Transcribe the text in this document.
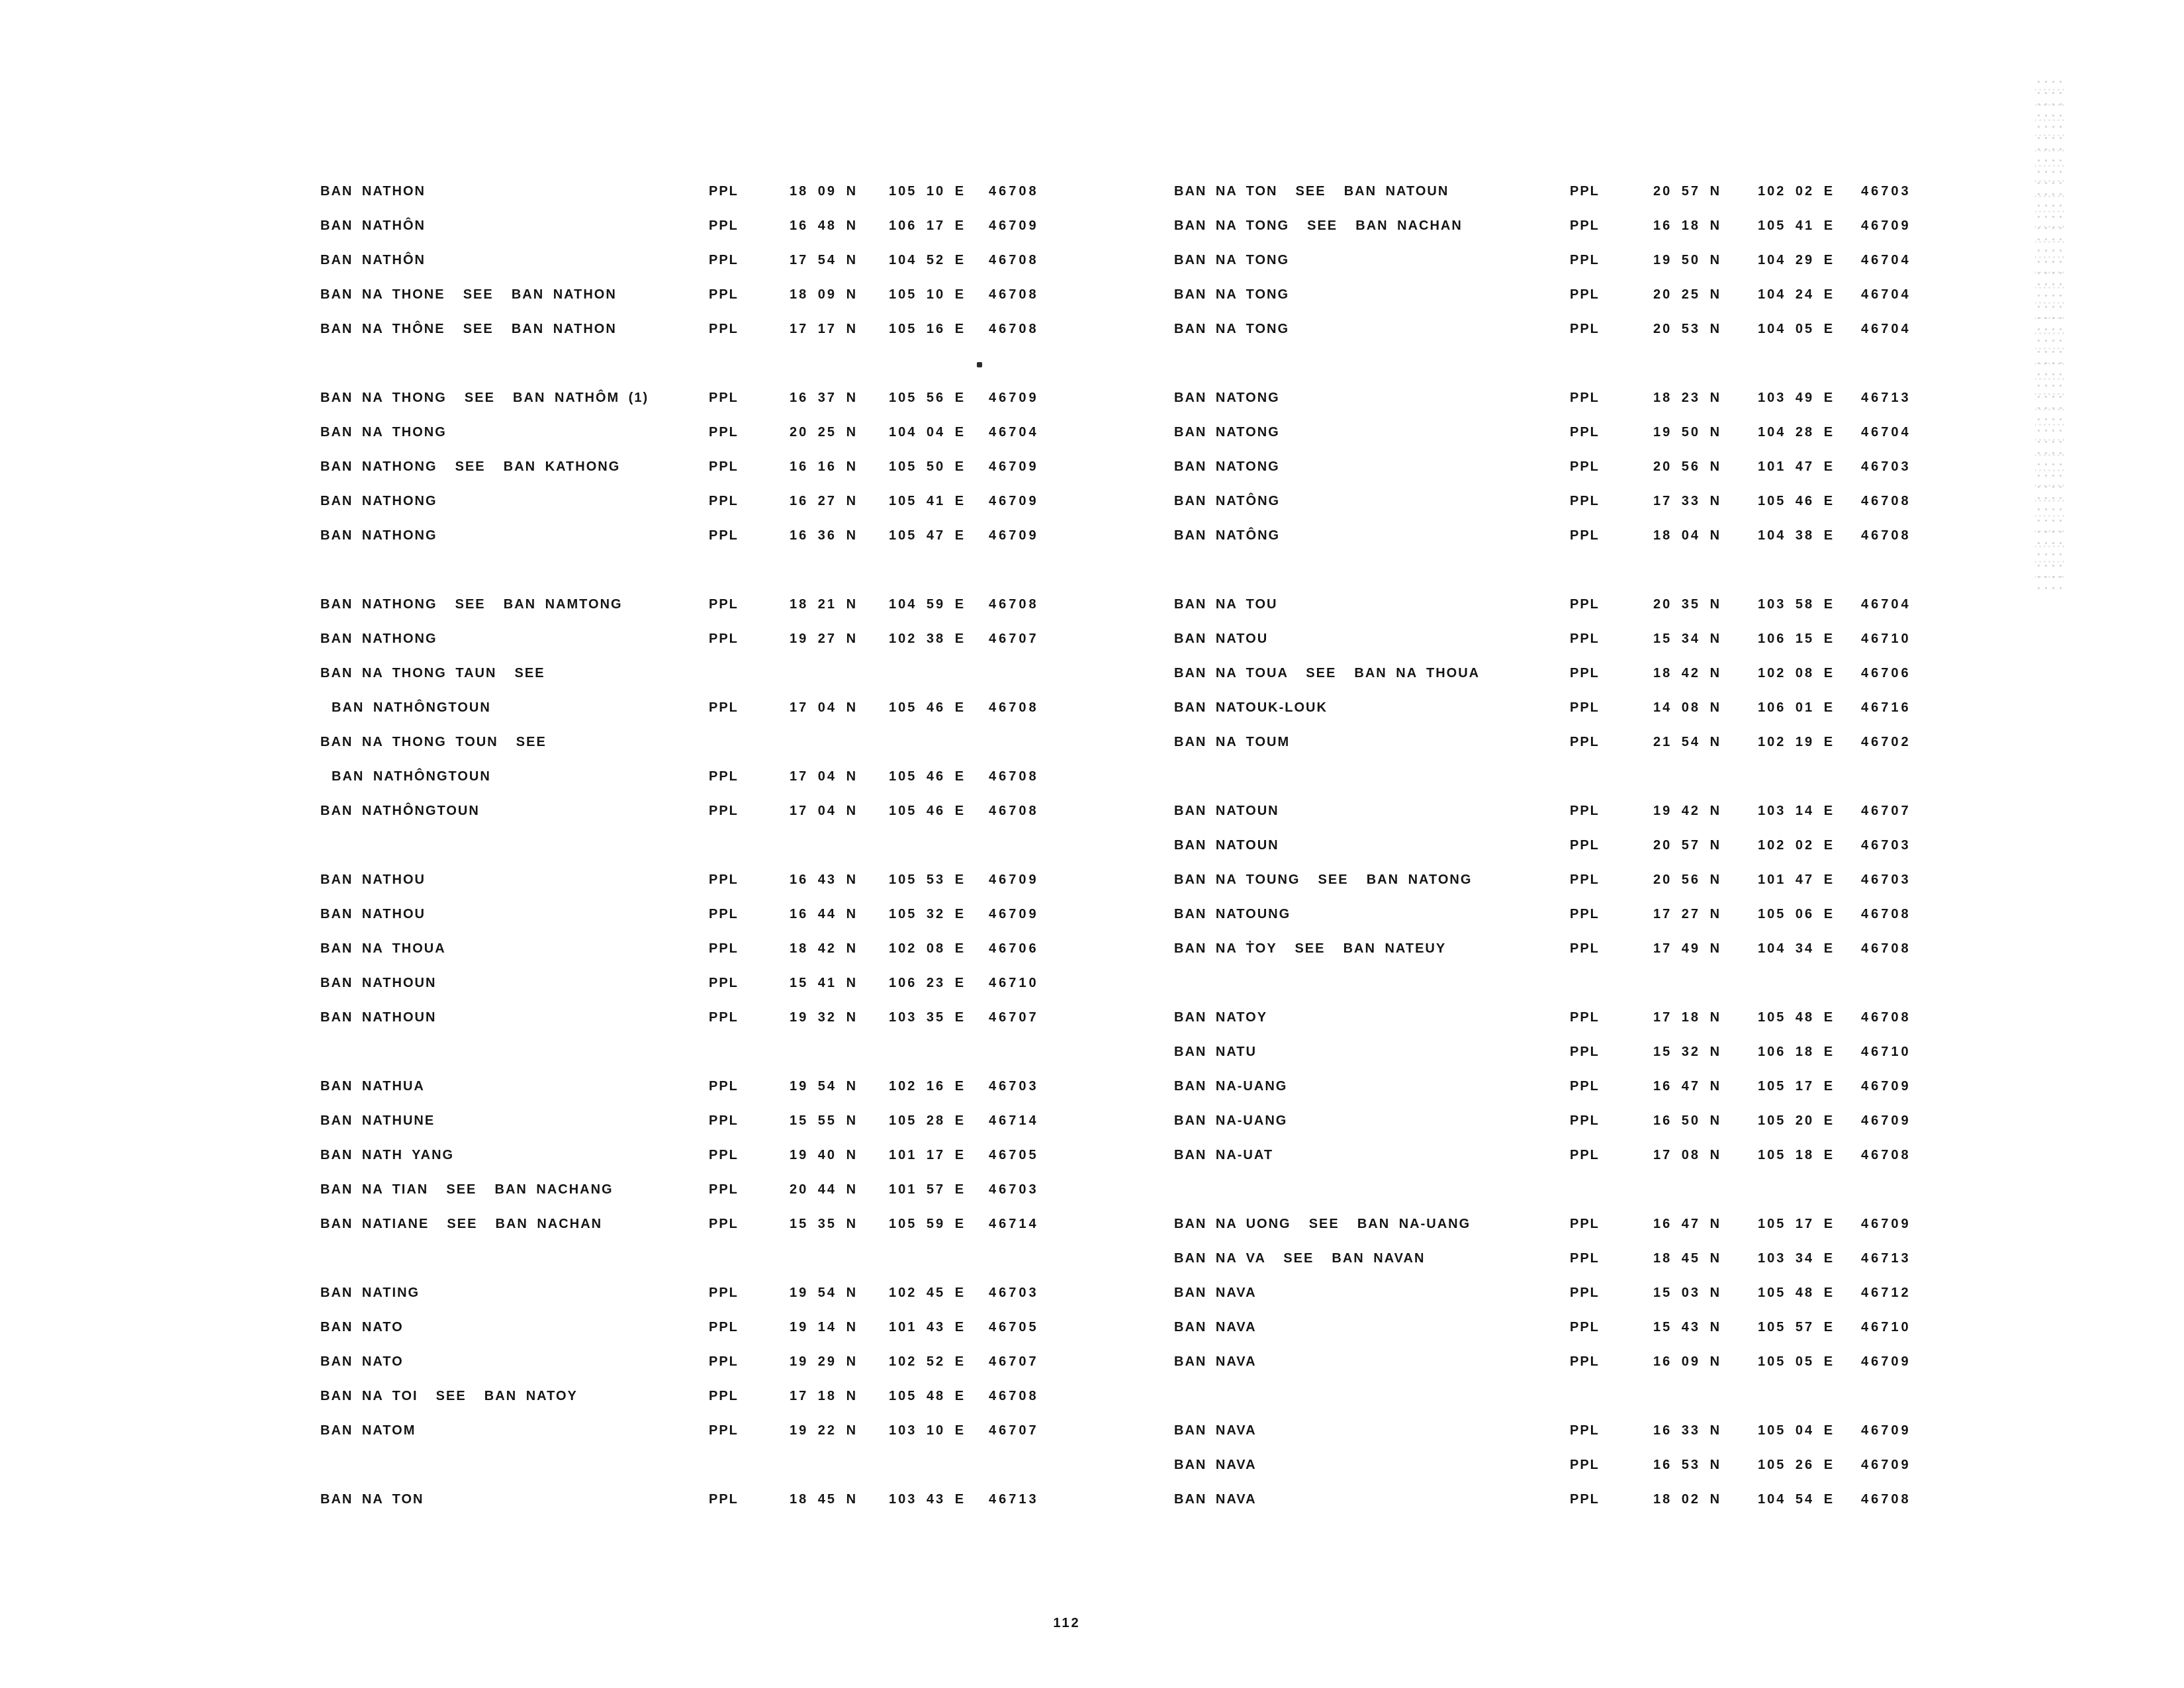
BAN NATHON	PPL	18 09 N 105 10 E 46708
BAN NATHÔN	PPL	16 48 N 106 17 E 46709
BAN NATHÔN	PPL	17 54 N 104 52 E 46708
BAN NA THONE  SEE  BAN NATHON	PPL	18 09 N 105 10 E 46708
BAN NA THÔNE  SEE  BAN NATHON	PPL	17 17 N 105 16 E 46708
BAN NA THONG  SEE  BAN NATHÔM (1)	PPL	16 37 N 105 56 E 46709
BAN NA THONG	PPL	20 25 N 104 04 E 46704
BAN NATHONG  SEE  BAN KATHONG	PPL	16 16 N 105 50 E 46709
BAN NATHONG	PPL	16 27 N 105 41 E 46709
BAN NATHONG	PPL	16 36 N 105 47 E 46709
BAN NATHONG  SEE  BAN NAMTONG	PPL	18 21 N 104 59 E 46708
BAN NATHONG	PPL	19 27 N 102 38 E 46707
BAN NA THONG TAUN  SEE
BAN NATHÔNGTOUN	PPL	17 04 N 105 46 E 46708
BAN NA THONG TOUN  SEE
BAN NATHÔNGTOUN	PPL	17 04 N 105 46 E 46708
BAN NATHÔNGTOUN	PPL	17 04 N 105 46 E 46708
BAN NATHOU	PPL	16 43 N 105 53 E 46709
BAN NATHOU	PPL	16 44 N 105 32 E 46709
BAN NA THOUA	PPL	18 42 N 102 08 E 46706
BAN NATHOUN	PPL	15 41 N 106 23 E 46710
BAN NATHOUN	PPL	19 32 N 103 35 E 46707
BAN NATHUA	PPL	19 54 N 102 16 E 46703
BAN NATHUNE	PPL	15 55 N 105 28 E 46714
BAN NATH YANG	PPL	19 40 N 101 17 E 46705
BAN NA TIAN  SEE  BAN NACHANG	PPL	20 44 N 101 57 E 46703
BAN NATIANE  SEE  BAN NACHAN	PPL	15 35 N 105 59 E 46714
BAN NATING	PPL	19 54 N 102 45 E 46703
BAN NATO	PPL	19 14 N 101 43 E 46705
BAN NATO	PPL	19 29 N 102 52 E 46707
BAN NA TOI  SEE  BAN NATOY	PPL	17 18 N 105 48 E 46708
BAN NATOM	PPL	19 22 N 103 10 E 46707
BAN NA TON	PPL	18 45 N 103 43 E 46713
BAN NA TON  SEE  BAN NATOUN	PPL	20 57 N	102 02 E 46703
BAN NA TONG  SEE  BAN NACHAN	PPL	16 18 N	105 41 E 46709
BAN NA TONG	PPL	19 50 N	104 29 E 46704
BAN NA TONG	PPL	20 25 N	104 24 E 46704
BAN NA TONG	PPL	20 53 N	104 05 E 46704
BAN NATONG	PPL	18 23 N	103 49 E 46713
BAN NATONG	PPL	19 50 N	104 28 E 46704
BAN NATONG	PPL	20 56 N	101 47 E 46703
BAN NATÔNG	PPL	17 33 N	105 46 E 46708
BAN NATÔNG	PPL	18 04 N	104 38 E 46708
BAN NA TOU	PPL	20 35 N	103 58 E 46704
BAN NATOU	PPL	15 34 N	106 15 E 46710
BAN NA TOUA  SEE  BAN NA THOUA	PPL	18 42 N	102 08 E 46706
BAN NATOUK-LOUK	PPL	14 08 N	106 01 E 46716
BAN NA TOUM	PPL	21 54 N	102 19 E 46702
BAN NATOUN	PPL	19 42 N	103 14 E 46707
BAN NATOUN	PPL	20 57 N	102 02 E 46703
BAN NA TOUNG  SEE  BAN NATONG	PPL	20 56 N	101 47 E 46703
BAN NATOUNG	PPL	17 27 N	105 06 E 46708
BAN NA ṪOY  SEE  BAN NATEUY	PPL	17 49 N	104 34 E 46708
BAN NATOY	PPL	17 18 N	105 48 E 46708
BAN NATU	PPL	15 32 N	106 18 E 46710
BAN NA-UANG	PPL	16 47 N	105 17 E 46709
BAN NA-UANG	PPL	16 50 N	105 20 E 46709
BAN NA-UAT	PPL	17 08 N	105 18 E 46708
BAN NA UONG  SEE  BAN NA-UANG	PPL	16 47 N	105 17 E 46709
BAN NA VA  SEE  BAN NAVAN	PPL	18 45 N	103 34 E 46713
BAN NAVA	PPL	15 03 N	105 48 E 46712
BAN NAVA	PPL	15 43 N	105 57 E 46710
BAN NAVA	PPL	16 09 N	105 05 E 46709
BAN NAVA	PPL	16 33 N	105 04 E 46709
BAN NAVA	PPL	16 53 N	105 26 E 46709
BAN NAVA	PPL	18 02 N	104 54 E 46708
112
